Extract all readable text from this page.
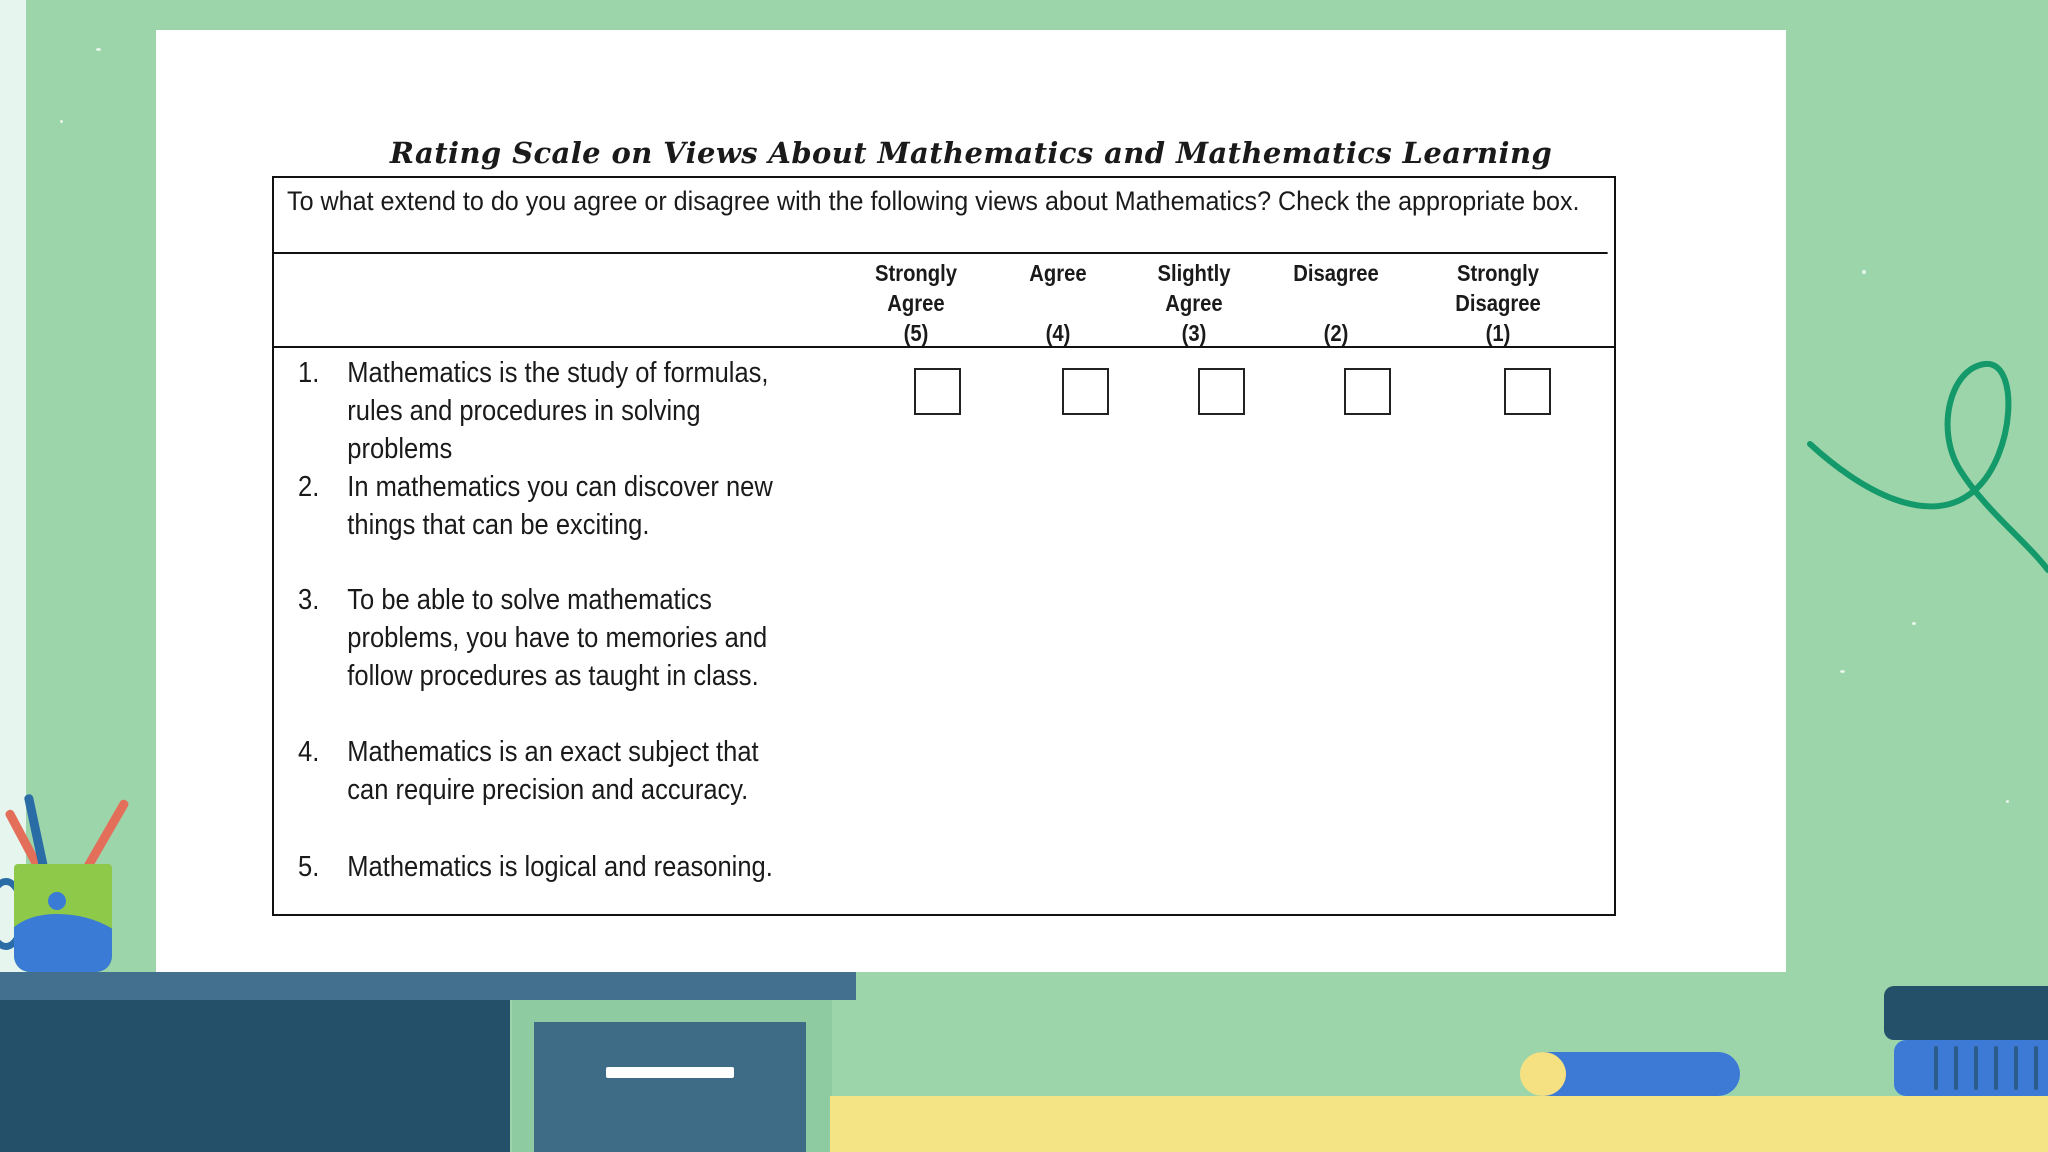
Rating Scale on Views About Mathematics and Mathematics Learning
To what extend to do you agree or disagree with the following views about Mathematics? Check the appropriate box.
Strongly
Agree
(5)
Agree

(4)
Slightly
Agree
(3)
Disagree

(2)
Strongly
Disagree
(1)
1. Mathematics is the study of formulas, rules and procedures in solving problems
2. In mathematics you can discover new things that can be exciting.
3. To be able to solve mathematics problems, you have to memories and follow procedures as taught in class.
4. Mathematics is an exact subject that can require precision and accuracy.
5. Mathematics is logical and reasoning.
